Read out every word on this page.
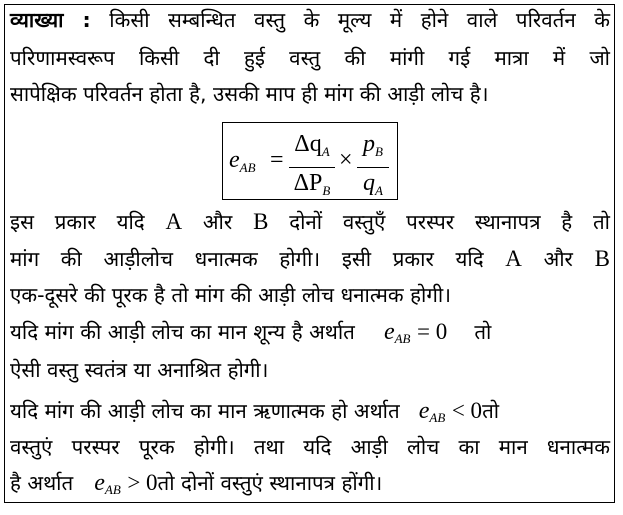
व्याख्या : किसी सम्बन्धित वस्तु के मूल्य में होने वाले परिवर्तन के
परिणामस्वरूप किसी दी हुई वस्तु की मांगी गई मात्रा में जो
सापेक्षिक परिवर्तन होता है, उसकी माप ही मांग की आड़ी लोच है।
$e_{AB}$ =
$\Delta q_A$
$\Delta P_B$
×
$p_B$
$q_A$
इस प्रकार यदि A और B दोनों वस्तुएँ परस्पर स्थानापत्र है तो
मांग की आड़ीलोच धनात्मक होगी। इसी प्रकार यदि A और B
एक-दूसरे की पूरक है तो मांग की आड़ी लोच धनात्मक होगी।
यदि मांग की आड़ी लोच का मान शून्य है अर्थात $e_{AB} = 0$ तो
ऐसी वस्तु स्वतंत्र या अनाश्रित होगी।
यदि मांग की आड़ी लोच का मान ऋणात्मक हो अर्थात $e_{AB}$ < 0तो
वस्तुएं परस्पर पूरक होगी। तथा यदि आड़ी लोच का मान धनात्मक
है अर्थात $e_{AB}$ > 0तो दोनों वस्तुएं स्थानापत्र होंगी।
